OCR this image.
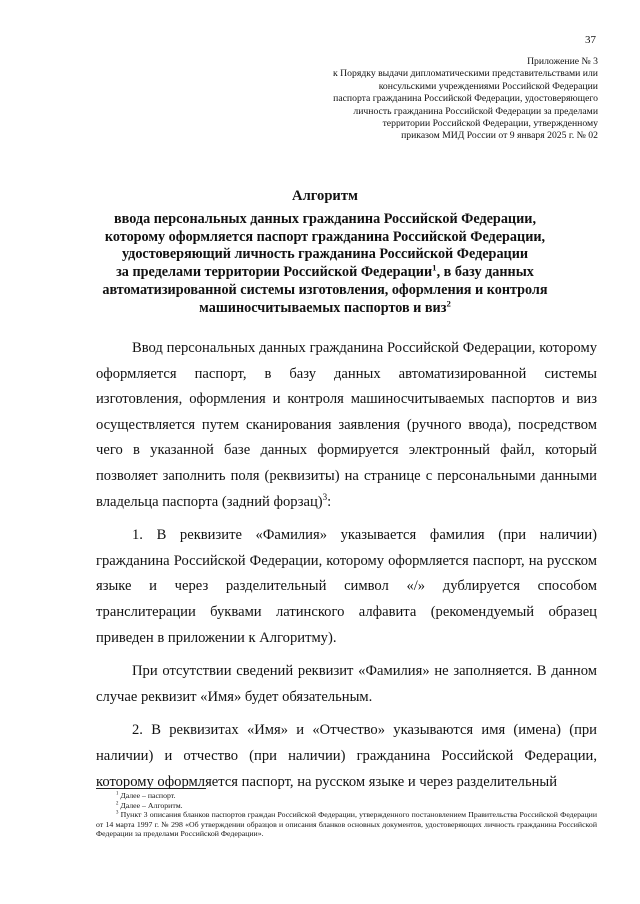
37
Приложение № 3
к Порядку выдачи дипломатическими представительствами или
консульскими учреждениями Российской Федерации
паспорта гражданина Российской Федерации, удостоверяющего
личность гражданина Российской Федерации за пределами
территории Российской Федерации, утвержденному
приказом МИД России от 9 января 2025 г. № 02
Алгоритм
ввода персональных данных гражданина Российской Федерации,
которому оформляется паспорт гражданина Российской Федерации,
удостоверяющий личность гражданина Российской Федерации
за пределами территории Российской Федерации$^1$, в базу данных
автоматизированной системы изготовления, оформления и контроля
машиносчитываемых паспортов и виз$^2$

Ввод персональных данных гражданина Российской Федерации, которому оформляется паспорт, в базу данных автоматизированной системы изготовления, оформления и контроля машиносчитываемых паспортов и виз осуществляется путем сканирования заявления (ручного ввода), посредством чего в указанной базе данных формируется электронный файл, который позволяет заполнить поля (реквизиты) на странице с персональными данными владельца паспорта (задний форзац)$^3$:

1. В реквизите «Фамилия» указывается фамилия (при наличии) гражданина Российской Федерации, которому оформляется паспорт, на русском языке и через разделительный символ «/» дублируется способом транслитерации буквами латинского алфавита (рекомендуемый образец приведен в приложении к Алгоритму).

При отсутствии сведений реквизит «Фамилия» не заполняется. В данном случае реквизит «Имя» будет обязательным.

2. В реквизитах «Имя» и «Отчество» указываются имя (имена) (при наличии) и отчество (при наличии) гражданина Российской Федерации, которому оформляется паспорт, на русском языке и через разделительный

$^1$ Далее – паспорт.
$^2$ Далее – Алгоритм.
$^3$ Пункт 3 описания бланков паспортов граждан Российской Федерации, утвержденного постановлением Правительства Российской Федерации от 14 марта 1997 г. № 298 «Об утверждении образцов и описания бланков основных документов, удостоверяющих личность гражданина Российской Федерации за пределами Российской Федерации».
